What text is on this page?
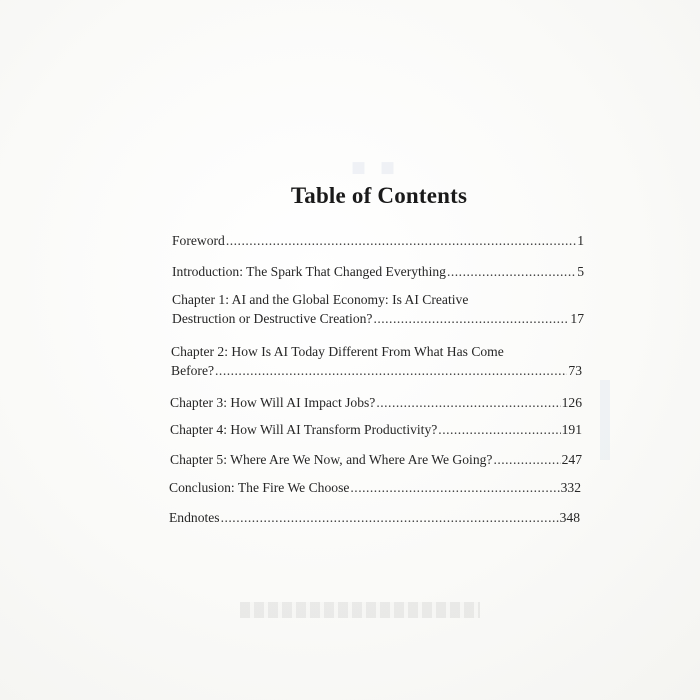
▪▪
Table of Contents
Foreword .....	1
Introduction: The Spark That Changed Everything .....	5
Chapter 1: AI and the Global Economy: Is AI Creative
Destruction or Destructive Creation? .....	17
Chapter 2: How Is AI Today Different From What Has Come
Before? .....	73
Chapter 3: How Will AI Impact Jobs? .....	126
Chapter 4: How Will AI Transform Productivity? .....	191
Chapter 5: Where Are We Now, and Where Are We Going? .....	247
Conclusion: The Fire We Choose .....	332
Endnotes .....	348
